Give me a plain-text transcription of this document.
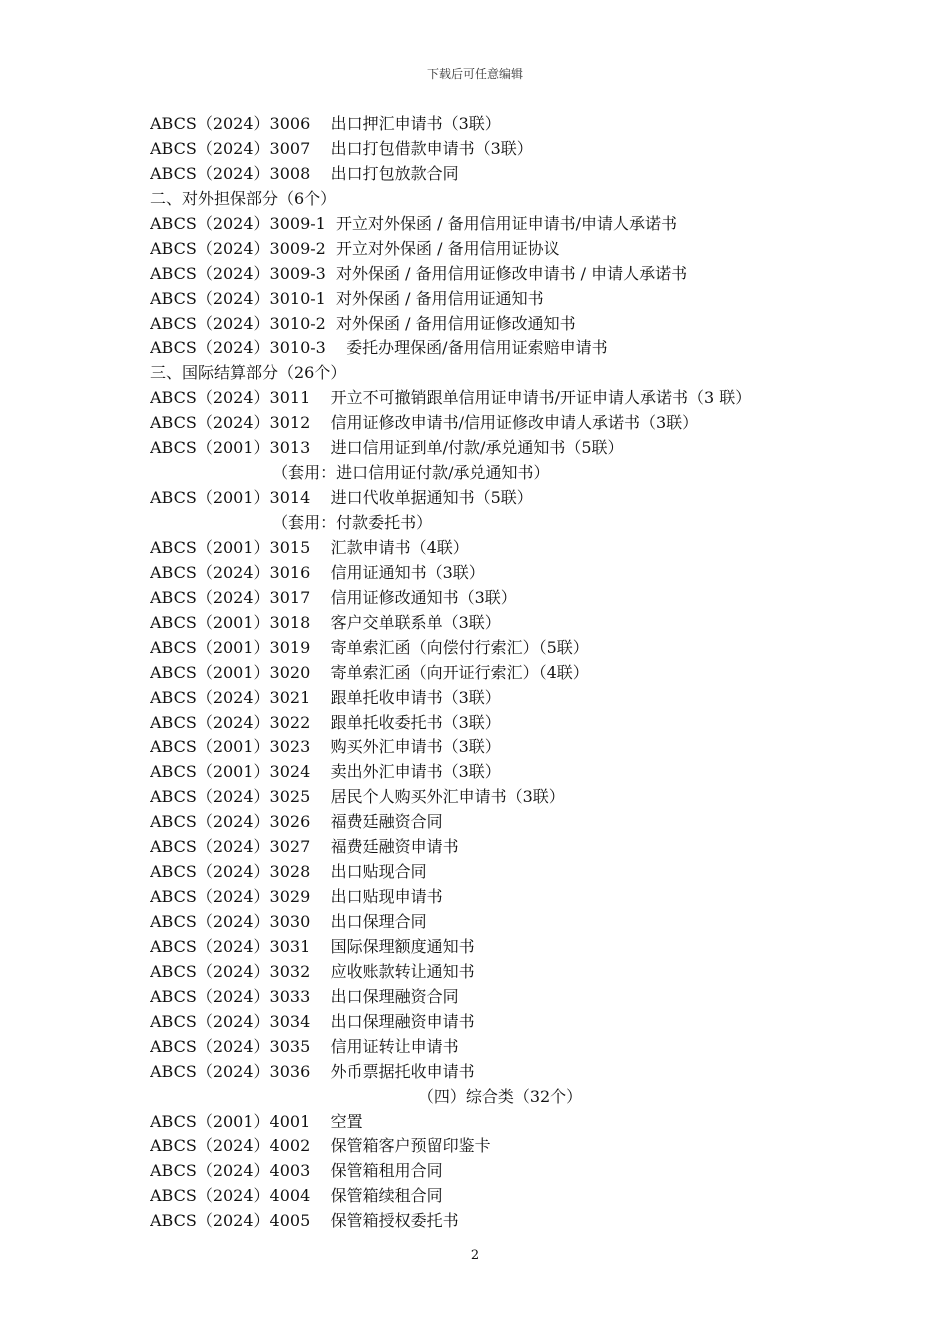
下载后可任意编辑
ABCS（2024）3006    出口押汇申请书（3联）
ABCS（2024）3007    出口打包借款申请书（3联）
ABCS（2024）3008    出口打包放款合同
二、对外担保部分（6个）
ABCS（2024）3009-1  开立对外保函 / 备用信用证申请书/申请人承诺书
ABCS（2024）3009-2  开立对外保函 / 备用信用证协议
ABCS（2024）3009-3  对外保函 / 备用信用证修改申请书 / 申请人承诺书
ABCS（2024）3010-1  对外保函 / 备用信用证通知书
ABCS（2024）3010-2  对外保函 / 备用信用证修改通知书
ABCS（2024）3010-3    委托办理保函/备用信用证索赔申请书
三、国际结算部分（26个）
ABCS（2024）3011    开立不可撤销跟单信用证申请书/开证申请人承诺书（3 联）
ABCS（2024）3012    信用证修改申请书/信用证修改申请人承诺书（3联）
ABCS（2001）3013    进口信用证到单/付款/承兑通知书（5联）
（套用：进口信用证付款/承兑通知书）
ABCS（2001）3014    进口代收单据通知书（5联）
（套用：付款委托书）
ABCS（2001）3015    汇款申请书（4联）
ABCS（2024）3016    信用证通知书（3联）
ABCS（2024）3017    信用证修改通知书（3联）
ABCS（2001）3018    客户交单联系单（3联）
ABCS（2001）3019    寄单索汇函（向偿付行索汇）（5联）
ABCS（2001）3020    寄单索汇函（向开证行索汇）（4联）
ABCS（2024）3021    跟单托收申请书（3联）
ABCS（2024）3022    跟单托收委托书（3联）
ABCS（2001）3023    购买外汇申请书（3联）
ABCS（2001）3024    卖出外汇申请书（3联）
ABCS（2024）3025    居民个人购买外汇申请书（3联）
ABCS（2024）3026    福费廷融资合同
ABCS（2024）3027    福费廷融资申请书
ABCS（2024）3028    出口贴现合同
ABCS（2024）3029    出口贴现申请书
ABCS（2024）3030    出口保理合同
ABCS（2024）3031    国际保理额度通知书
ABCS（2024）3032    应收账款转让通知书
ABCS（2024）3033    出口保理融资合同
ABCS（2024）3034    出口保理融资申请书
ABCS（2024）3035    信用证转让申请书
ABCS（2024）3036    外币票据托收申请书
（四）综合类（32个）
ABCS（2001）4001    空置
ABCS（2024）4002    保管箱客户预留印鉴卡
ABCS（2024）4003    保管箱租用合同
ABCS（2024）4004    保管箱续租合同
ABCS（2024）4005    保管箱授权委托书
2
